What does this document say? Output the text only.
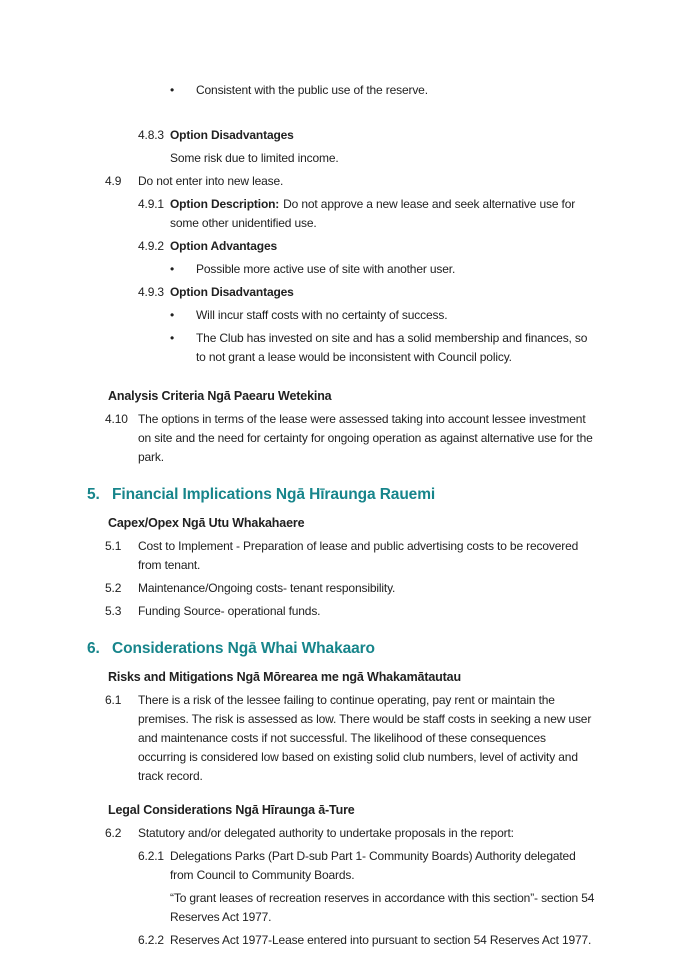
•	Consistent with the public use of the reserve.
4.8.3 Option Disadvantages
Some risk due to limited income.
4.9	Do not enter into new lease.
4.9.1 Option Description: Do not approve a new lease and seek alternative use for some other unidentified use.
4.9.2 Option Advantages
•	Possible more active use of site with another user.
4.9.3 Option Disadvantages
•	Will incur staff costs with no certainty of success.
•	The Club has invested on site and has a solid membership and finances, so to not grant a lease would be inconsistent with Council policy.
Analysis Criteria Ngā Paearu Wetekina
4.10 The options in terms of the lease were assessed taking into account lessee investment on site and the need for certainty for ongoing operation as against alternative use for the park.
5. Financial Implications Ngā Hīraunga Rauemi
Capex/Opex Ngā Utu Whakahaere
5.1	Cost to Implement - Preparation of lease and public advertising costs to be recovered from tenant.
5.2	Maintenance/Ongoing costs- tenant responsibility.
5.3	Funding Source- operational funds.
6. Considerations Ngā Whai Whakaaro
Risks and Mitigations Ngā Mōrearea me ngā Whakamātautau
6.1	There is a risk of the lessee failing to continue operating, pay rent or maintain the premises. The risk is assessed as low. There would be staff costs in seeking a new user and maintenance costs if not successful. The likelihood of these consequences occurring is considered low based on existing solid club numbers, level of activity and track record.
Legal Considerations Ngā Hīraunga ā-Ture
6.2	Statutory and/or delegated authority to undertake proposals in the report:
6.2.1 Delegations Parks (Part D-sub Part 1- Community Boards) Authority delegated from Council to Community Boards.
“To grant leases of recreation reserves in accordance with this section”- section 54 Reserves Act 1977.
6.2.2 Reserves Act 1977-Lease entered into pursuant to section 54 Reserves Act 1977.
